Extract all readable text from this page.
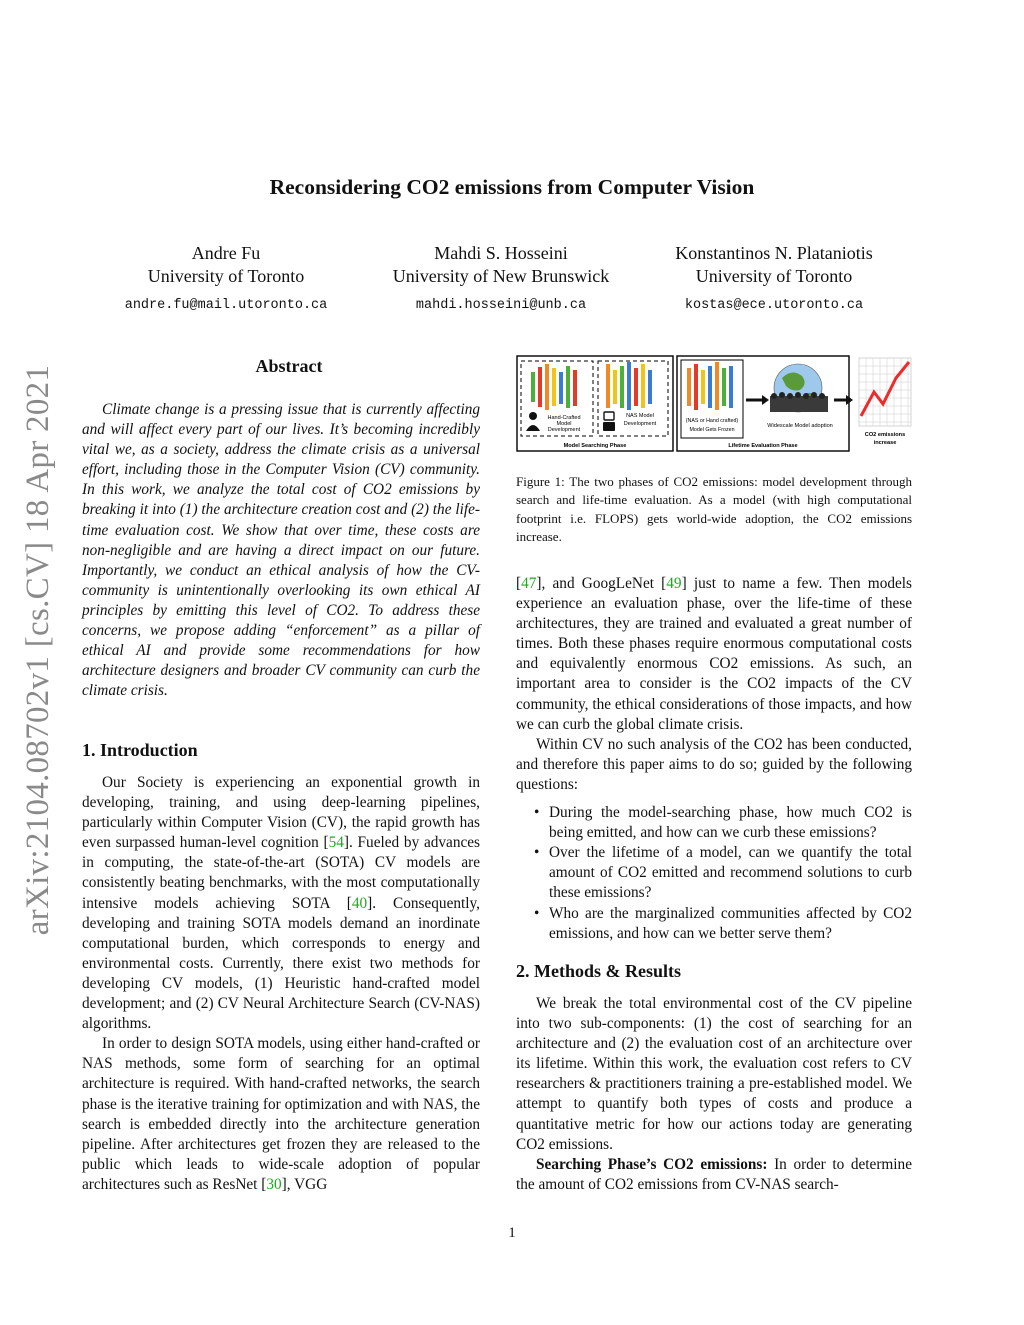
arXiv:2104.08702v1 [cs.CV] 18 Apr 2021
Reconsidering CO2 emissions from Computer Vision
Andre Fu
University of Toronto
andre.fu@mail.utoronto.ca
Mahdi S. Hosseini
University of New Brunswick
mahdi.hosseini@unb.ca
Konstantinos N. Plataniotis
University of Toronto
kostas@ece.utoronto.ca
Abstract

Climate change is a pressing issue that is currently affecting and will affect every part of our lives. It’s becoming incredibly vital we, as a society, address the climate crisis as a universal effort, including those in the Computer Vision (CV) community. In this work, we analyze the total cost of CO2 emissions by breaking it into (1) the architecture creation cost and (2) the life-time evaluation cost. We show that over time, these costs are non-negligible and are having a direct impact on our future. Importantly, we conduct an ethical analysis of how the CV-community is unintentionally overlooking its own ethical AI principles by emitting this level of CO2. To address these concerns, we propose adding “enforcement” as a pillar of ethical AI and provide some recommendations for how architecture designers and broader CV community can curb the climate crisis.

1. Introduction

Our Society is experiencing an exponential growth in developing, training, and using deep-learning pipelines, particularly within Computer Vision (CV), the rapid growth has even surpassed human-level cognition [54]. Fueled by advances in computing, the state-of-the-art (SOTA) CV models are consistently beating benchmarks, with the most computationally intensive models achieving SOTA [40]. Consequently, developing and training SOTA models demand an inordinate computational burden, which corresponds to energy and environmental costs. Currently, there exist two methods for developing CV models, (1) Heuristic hand-crafted model development; and (2) CV Neural Architecture Search (CV-NAS) algorithms.

In order to design SOTA models, using either hand-crafted or NAS methods, some form of searching for an optimal architecture is required. With hand-crafted networks, the search phase is the iterative training for optimization and with NAS, the search is embedded directly into the architecture generation pipeline. After architectures get frozen they are released to the public which leads to wide-scale adoption of popular architectures such as ResNet [30], VGG

Hand-Crafted
Model
Development
NAS Model
Development
Model Searching Phase
(NAS or Hand crafted)
Model Gets Frozen
Widescale Model adoption
Lifetime Evaluation Phase
CO2 emissions
increase
Figure 1: The two phases of CO2 emissions: model development through search and life-time evaluation. As a model (with high computational footprint i.e. FLOPS) gets world-wide adoption, the CO2 emissions increase.

[47], and GoogLeNet [49] just to name a few. Then models experience an evaluation phase, over the life-time of these architectures, they are trained and evaluated a great number of times. Both these phases require enormous computational costs and equivalently enormous CO2 emissions. As such, an important area to consider is the CO2 impacts of the CV community, the ethical considerations of those impacts, and how we can curb the global climate crisis.

Within CV no such analysis of the CO2 has been conducted, and therefore this paper aims to do so; guided by the following questions:

• During the model-searching phase, how much CO2 is being emitted, and how can we curb these emissions?
• Over the lifetime of a model, can we quantify the total amount of CO2 emitted and recommend solutions to curb these emissions?
• Who are the marginalized communities affected by CO2 emissions, and how can we better serve them?
2. Methods & Results

We break the total environmental cost of the CV pipeline into two sub-components: (1) the cost of searching for an architecture and (2) the evaluation cost of an architecture over its lifetime. Within this work, the evaluation cost refers to CV researchers & practitioners training a pre-established model. We attempt to quantify both types of costs and produce a quantitative metric for how our actions today are generating CO2 emissions.

Searching Phase’s CO2 emissions: In order to determine the amount of CO2 emissions from CV-NAS search-

1
